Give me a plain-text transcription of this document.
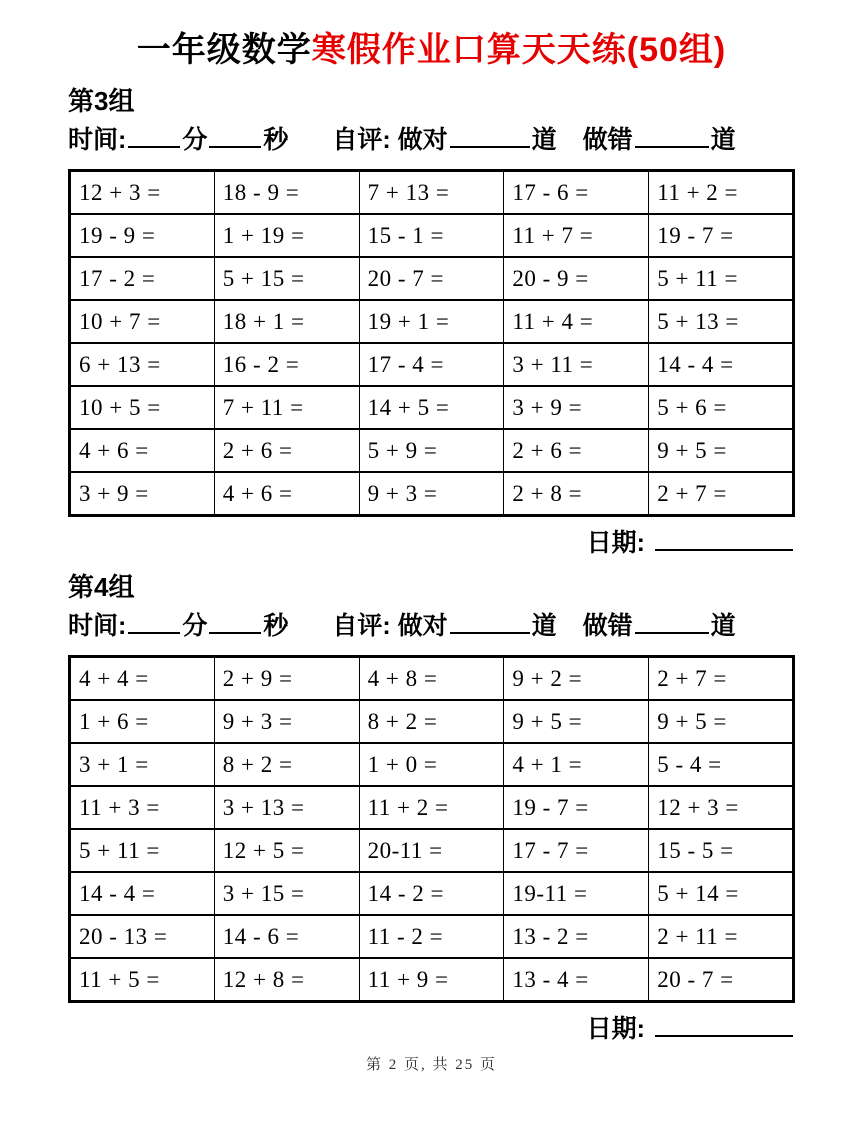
一年级数学寒假作业口算天天练(50组)
第3组
时间: 分 秒 自评: 做对	道 做错	道
12 + 3 =	18 - 9 =	7 + 13 =	17 - 6 =	11 + 2 =
19 - 9 =	1 + 19 =	15 - 1 =	11 + 7 =	19 - 7 =
17 - 2 =	5 + 15 =	20 - 7 =	20 - 9 =	5 + 11 =
10 + 7 =	18 + 1 =	19 + 1 =	11 + 4 =	5 + 13 =
6 + 13 =	16 - 2 =	17 - 4 =	3 + 11 =	14 - 4 =
10 + 5 =	7 + 11 =	14 + 5 =	3 + 9 =	5 + 6 =
4 + 6 =	2 + 6 =	5 + 9 =	2 + 6 =	9 + 5 =
3 + 9 =	4 + 6 =	9 + 3 =	2 + 8 =	2 + 7 =
日期:
第4组
时间: 分 秒 自评: 做对	道 做错	道
4 + 4 =	2 + 9 =	4 + 8 =	9 + 2 =	2 + 7 =
1 + 6 =	9 + 3 =	8 + 2 =	9 + 5 =	9 + 5 =
3 + 1 =	8 + 2 =	1 + 0 =	4 + 1 =	5 - 4 =
11 + 3 =	3 + 13 =	11 + 2 =	19 - 7 =	12 + 3 =
5 + 11 =	12 + 5 =	20-11 =	17 - 7 =	15 - 5 =
14 - 4 =	3 + 15 =	14 - 2 =	19-11 =	5 + 14 =
20 - 13 =	14 - 6 =	11 - 2 =	13 - 2 =	2 + 11 =
11 + 5 =	12 + 8 =	11 + 9 =	13 - 4 =	20 - 7 =
日期:
第 2 页, 共 25 页
